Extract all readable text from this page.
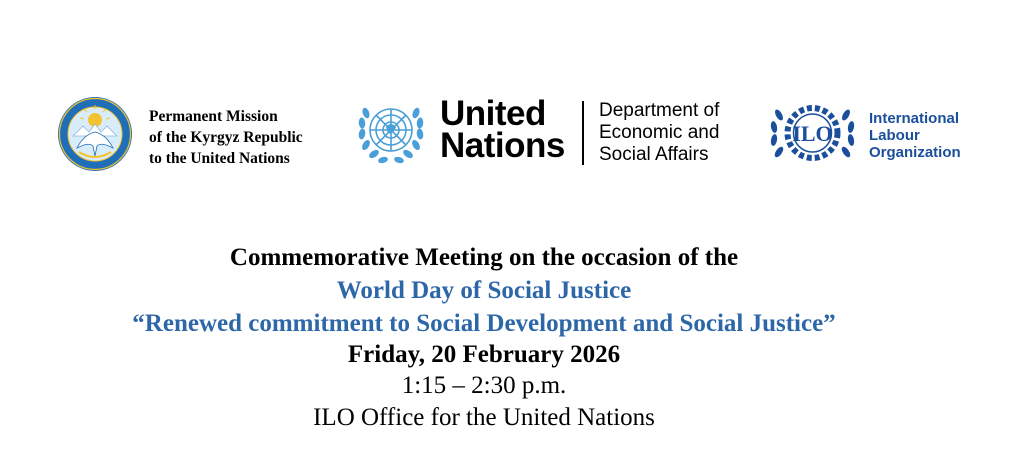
Permanent Mission
of the Kyrgyz Republic
to the United Nations
United
Nations
Department of
Economic and
Social Affairs
ILO
International
Labour
Organization
Commemorative Meeting on the occasion of the
World Day of Social Justice
“Renewed commitment to Social Development and Social Justice”
Friday, 20 February 2026
1:15 – 2:30 p.m.
ILO Office for the United Nations
